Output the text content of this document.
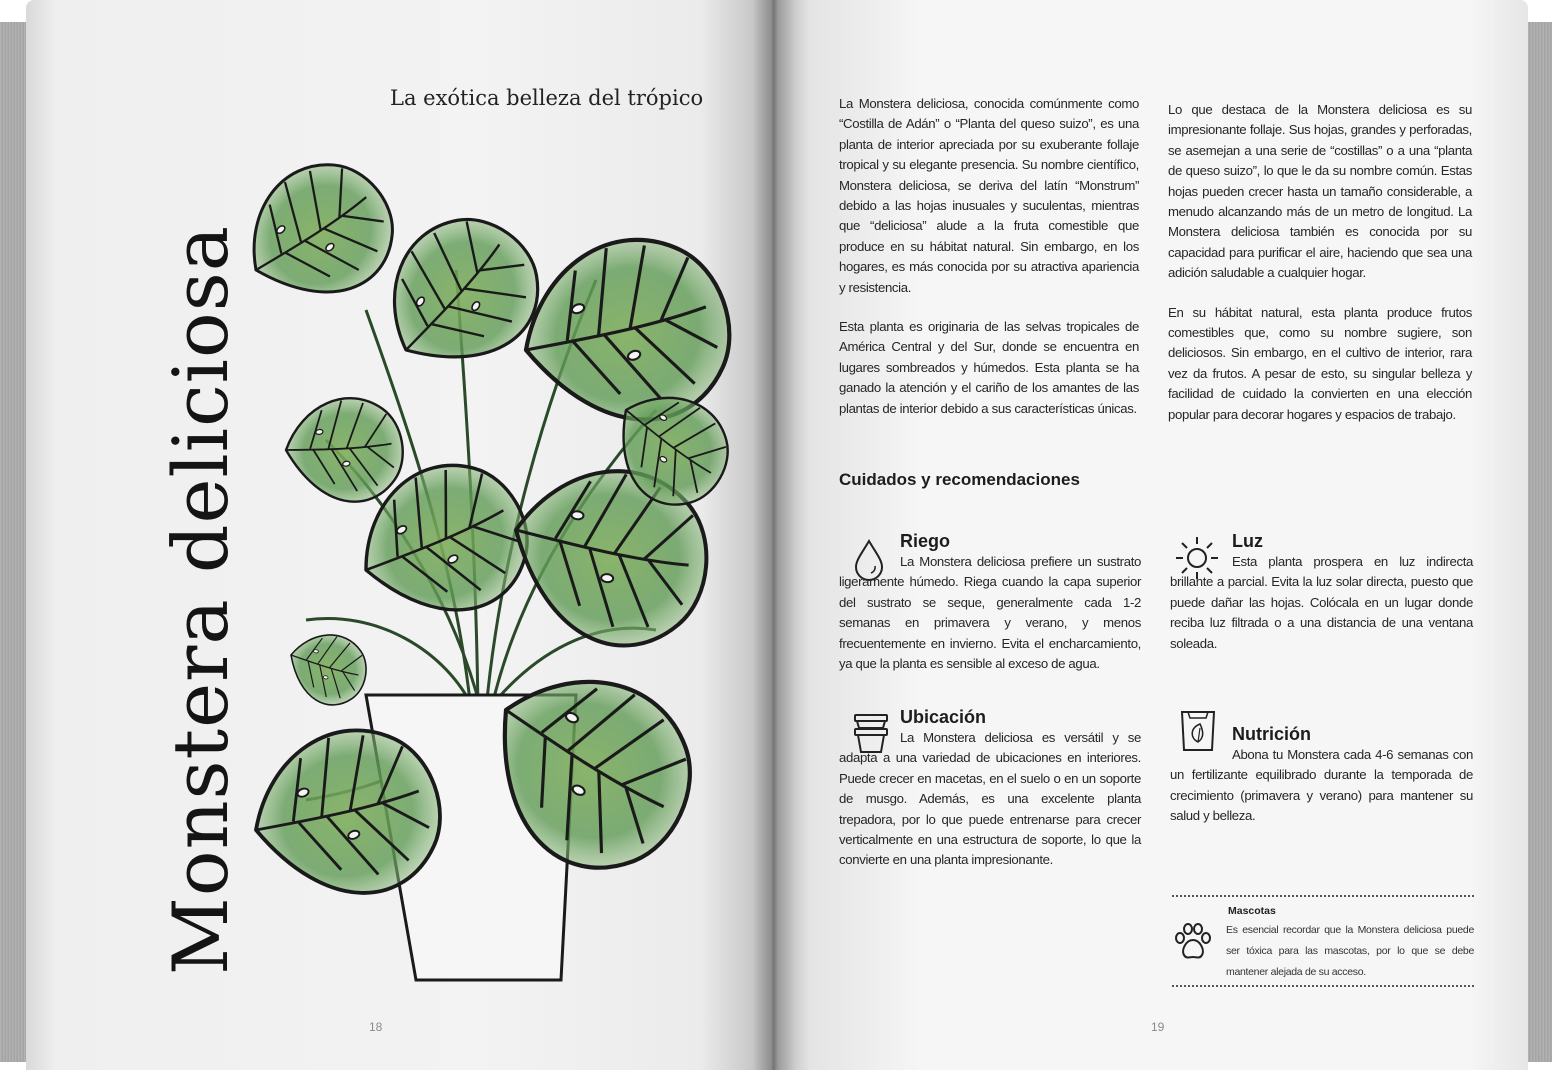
Monstera deliciosa
La exótica belleza del trópico
18

La Monstera deliciosa, conocida comúnmente como “Costilla de Adán” o “Planta del queso suizo”, es una planta de interior apreciada por su exuberante follaje tropical y su elegante presencia. Su nombre científico, Monstera deliciosa, se deriva del latín “Monstrum” debido a las hojas inusuales y suculentas, mientras que “deliciosa” alude a la fruta comestible que produce en su hábitat natural. Sin embargo, en los hogares, es más conocida por su atractiva apariencia y resistencia.

Esta planta es originaria de las selvas tropicales de América Central y del Sur, donde se encuentra en lugares sombreados y húmedos. Esta planta se ha ganado la atención y el cariño de los amantes de las plantas de interior debido a sus características únicas.

Lo que destaca de la Monstera deliciosa es su impresionante follaje. Sus hojas, grandes y perforadas, se asemejan a una serie de “costillas” o a una “planta de queso suizo”, lo que le da su nombre común. Estas hojas pueden crecer hasta un tamaño considerable, a menudo alcanzando más de un metro de longitud. La Monstera deliciosa también es conocida por su capacidad para purificar el aire, haciendo que sea una adición saludable a cualquier hogar.

En su hábitat natural, esta planta produce frutos comestibles que, como su nombre sugiere, son deliciosos. Sin embargo, en el cultivo de interior, rara vez da frutos. A pesar de esto, su singular belleza y facilidad de cuidado la convierten en una elección popular para decorar hogares y espacios de trabajo.

Cuidados y recomendaciones
Riego
La Monstera deliciosa prefiere un sustrato ligeramente húmedo. Riega cuando la capa superior del sustrato se seque, generalmente cada 1-2 semanas en primavera y verano, y menos frecuentemente en invierno. Evita el encharcamiento, ya que la planta es sensible al exceso de agua.
Luz
Esta planta prospera en luz indirecta brillante a parcial. Evita la luz solar directa, puesto que puede dañar las hojas. Colócala en un lugar donde reciba luz filtrada o a una distancia de una ventana soleada.
Ubicación
La Monstera deliciosa es versátil y se adapta a una variedad de ubicaciones en interiores. Puede crecer en macetas, en el suelo o en un soporte de musgo. Además, es una excelente planta trepadora, por lo que puede entrenarse para crecer verticalmente en una estructura de soporte, lo que la convierte en una planta impresionante.
Nutrición
Abona tu Monstera cada 4-6 semanas con un fertilizante equilibrado durante la temporada de crecimiento (primavera y verano) para mantener su salud y belleza.
Mascotas
Es esencial recordar que la Monstera deliciosa puede ser tóxica para las mascotas, por lo que se debe mantener alejada de su acceso.
19
